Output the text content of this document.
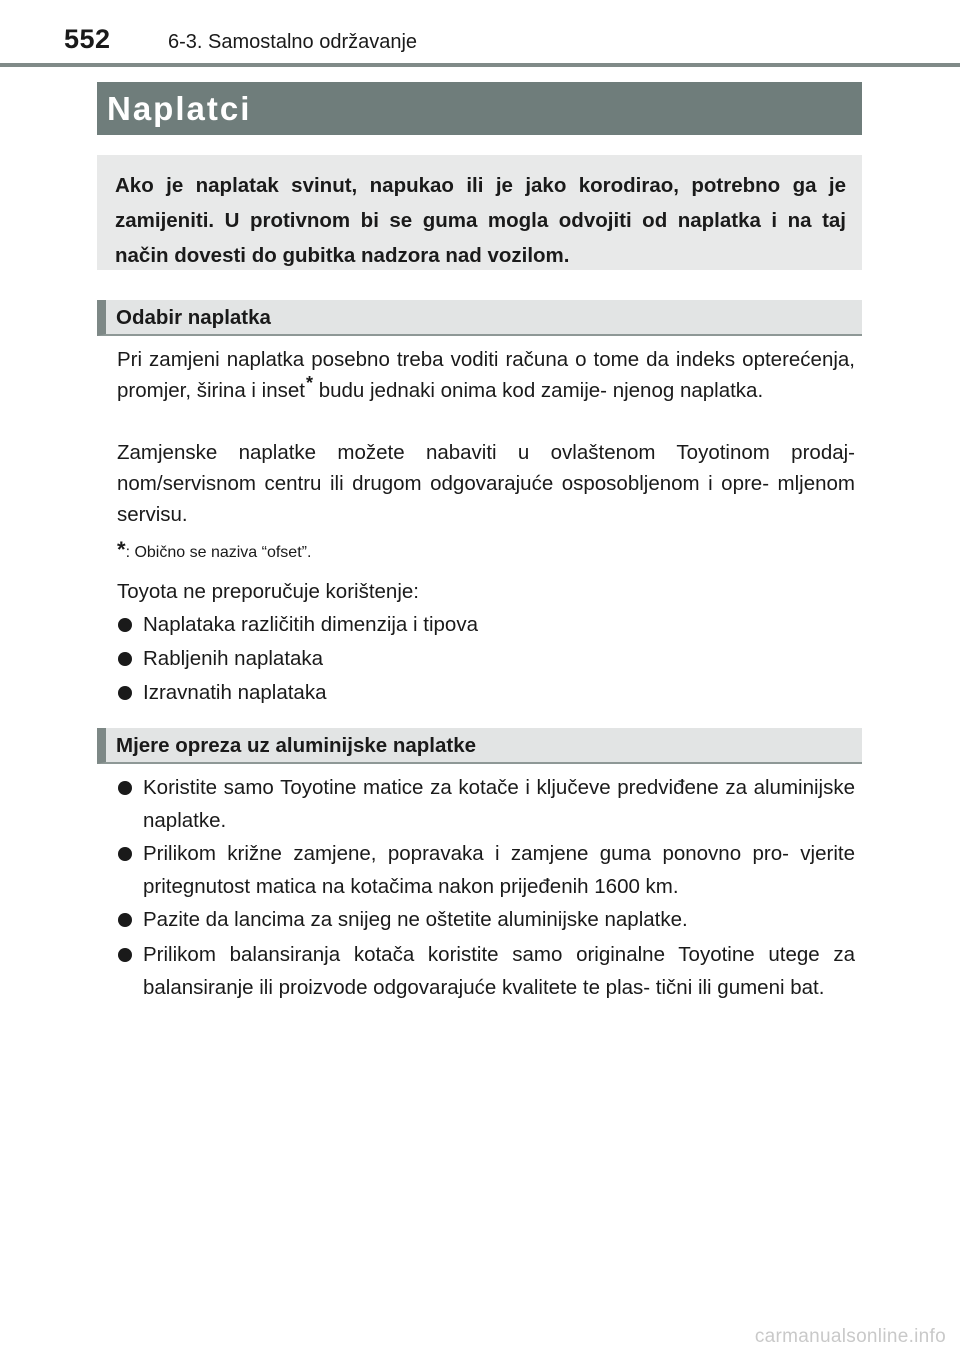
552	6-3. Samostalno održavanje
Naplatci
Ako je naplatak svinut, napukao ili je jako korodirao, potrebno ga je zamijeniti. U protivnom bi se guma mogla odvojiti od naplatka i na taj način dovesti do gubitka nadzora nad vozilom.
Odabir naplatka
Pri zamjeni naplatka posebno treba voditi računa o tome da indeks opterećenja, promjer, širina i inset* budu jednaki onima kod zamije- njenog naplatka.
Zamjenske naplatke možete nabaviti u ovlaštenom Toyotinom prodaj- nom/servisnom centru ili drugom odgovarajuće osposobljenom i opre- mljenom servisu.
*: Obično se naziva “ofset”.
Toyota ne preporučuje korištenje:
Naplataka različitih dimenzija i tipova
Rabljenih naplataka
Izravnatih naplataka
Mjere opreza uz aluminijske naplatke
Koristite samo Toyotine matice za kotače i ključeve predviđene za aluminijske naplatke.
Prilikom križne zamjene, popravaka i zamjene guma ponovno pro- vjerite pritegnutost matica na kotačima nakon prijeđenih 1600 km.
Pazite da lancima za snijeg ne oštetite aluminijske naplatke.
Prilikom balansiranja kotača koristite samo originalne Toyotine utege za balansiranje ili proizvode odgovarajuće kvalitete te plas- tični ili gumeni bat.
carmanualsonline.info
